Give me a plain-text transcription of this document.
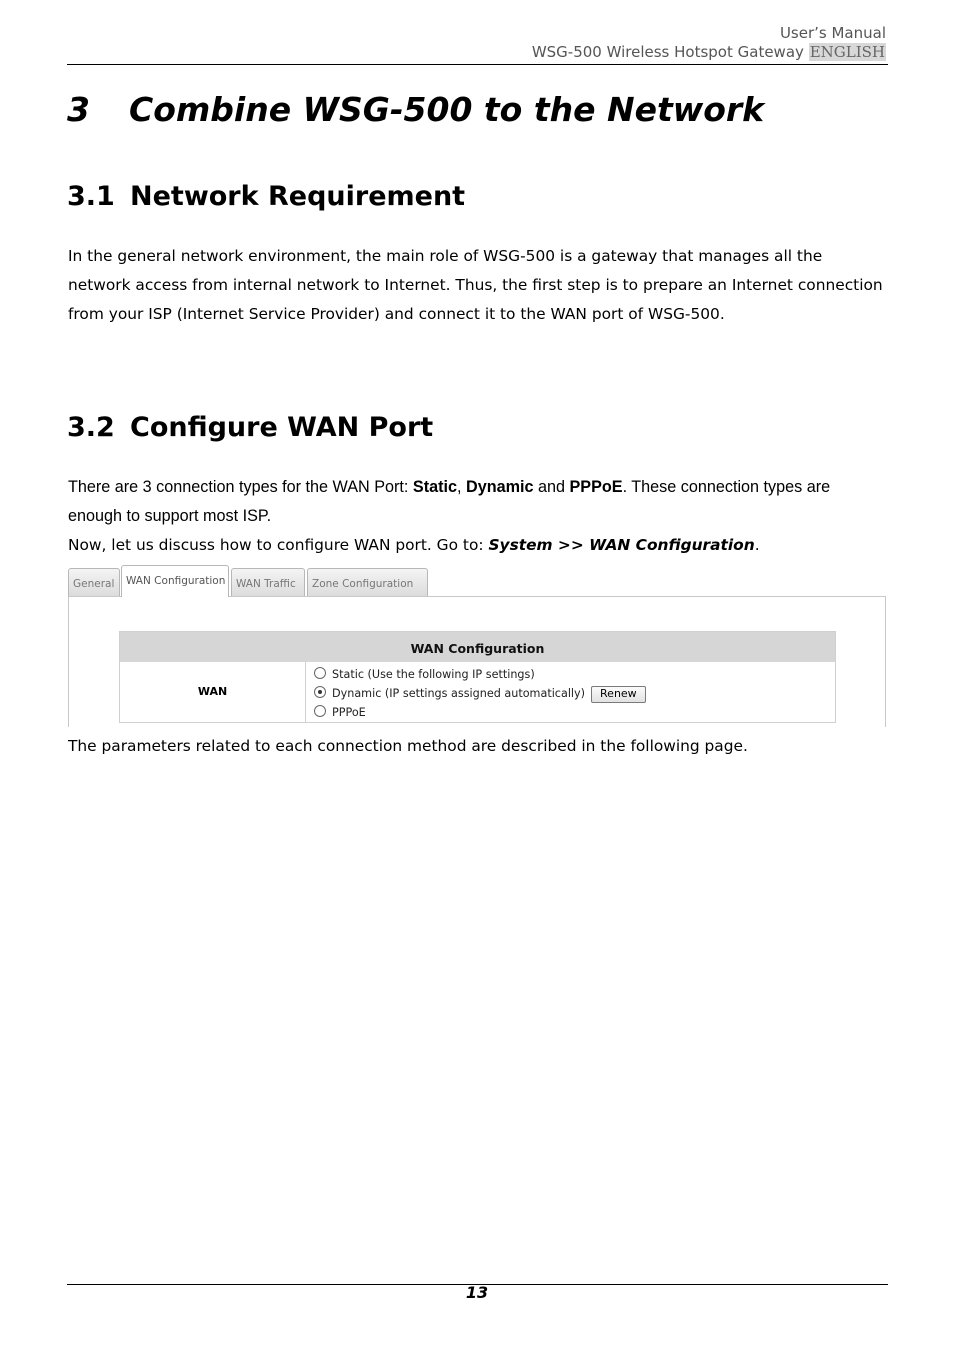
User’s Manual
WSG-500 Wireless Hotspot Gateway ENGLISH
3 Combine WSG-500 to the Network
3.1 Network Requirement

In the general network environment, the main role of WSG-500 is a gateway that manages all the network access from internal network to Internet. Thus, the first step is to prepare an Internet connection from your ISP (Internet Service Provider) and connect it to the WAN port of WSG-500.

3.2 Configure WAN Port

There are 3 connection types for the WAN Port: Static, Dynamic and PPPoE. These connection types are enough to support most ISP.

Now, let us discuss how to configure WAN port. Go to: System >> WAN Configuration.

General	WAN Configuration	WAN Traffic	Zone Configuration
WAN Configuration
WAN
Static (Use the following IP settings)
Dynamic (IP settings assigned automatically) Renew
PPPoE

The parameters related to each connection method are described in the following page.

13
